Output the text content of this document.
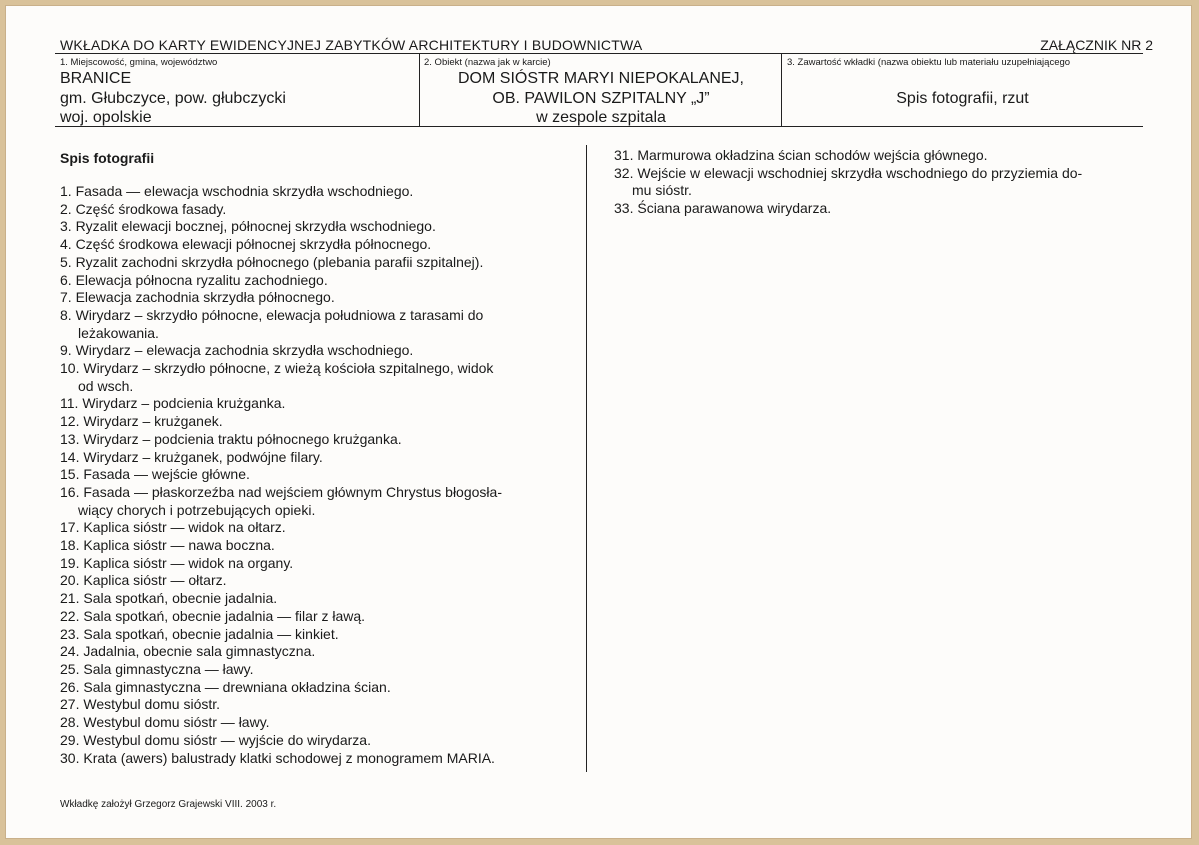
WKŁADKA DO KARTY EWIDENCYJNEJ ZABYTKÓW ARCHITEKTURY I BUDOWNICTWA	ZAŁĄCZNIK NR 2
1. Miejscowość, gmina, województwo
BRANICE
gm. Głubczyce, pow. głubczycki
woj. opolskie
2. Obiekt (nazwa jak w karcie)
DOM SIÓSTR MARYI NIEPOKALANEJ,
OB. PAWILON SZPITALNY „J”
w zespole szpitala
3. Zawartość wkładki (nazwa obiektu lub materiału uzupełniającego
Spis fotografii, rzut
Spis fotografii
1. Fasada — elewacja wschodnia skrzydła wschodniego.
2. Część środkowa fasady.
3. Ryzalit elewacji bocznej, północnej skrzydła wschodniego.
4. Część środkowa elewacji północnej skrzydła północnego.
5. Ryzalit zachodni skrzydła północnego (plebania parafii szpitalnej).
6. Elewacja północna ryzalitu zachodniego.
7. Elewacja zachodnia skrzydła północnego.
8. Wirydarz – skrzydło północne, elewacja południowa z tarasami do
leżakowania.
9. Wirydarz – elewacja zachodnia skrzydła wschodniego.
10. Wirydarz – skrzydło północne, z wieżą kościoła szpitalnego, widok
od wsch.
11. Wirydarz – podcienia krużganka.
12. Wirydarz – krużganek.
13. Wirydarz – podcienia traktu północnego krużganka.
14. Wirydarz – krużganek, podwójne filary.
15. Fasada — wejście główne.
16. Fasada — płaskorzeźba nad wejściem głównym Chrystus błogosła-
wiący chorych i potrzebujących opieki.
17. Kaplica sióstr — widok na ołtarz.
18. Kaplica sióstr — nawa boczna.
19. Kaplica sióstr — widok na organy.
20. Kaplica sióstr — ołtarz.
21. Sala spotkań, obecnie jadalnia.
22. Sala spotkań, obecnie jadalnia — filar z ławą.
23. Sala spotkań, obecnie jadalnia — kinkiet.
24. Jadalnia, obecnie sala gimnastyczna.
25. Sala gimnastyczna — ławy.
26. Sala gimnastyczna — drewniana okładzina ścian.
27. Westybul domu sióstr.
28. Westybul domu sióstr — ławy.
29. Westybul domu sióstr — wyjście do wirydarza.
30. Krata (awers) balustrady klatki schodowej z monogramem MARIA.
31. Marmurowa okładzina ścian schodów wejścia głównego.
32. Wejście w elewacji wschodniej skrzydła wschodniego do przyziemia do-
mu sióstr.
33. Ściana parawanowa wirydarza.
Wkładkę założył Grzegorz Grajewski VIII. 2003 r.
